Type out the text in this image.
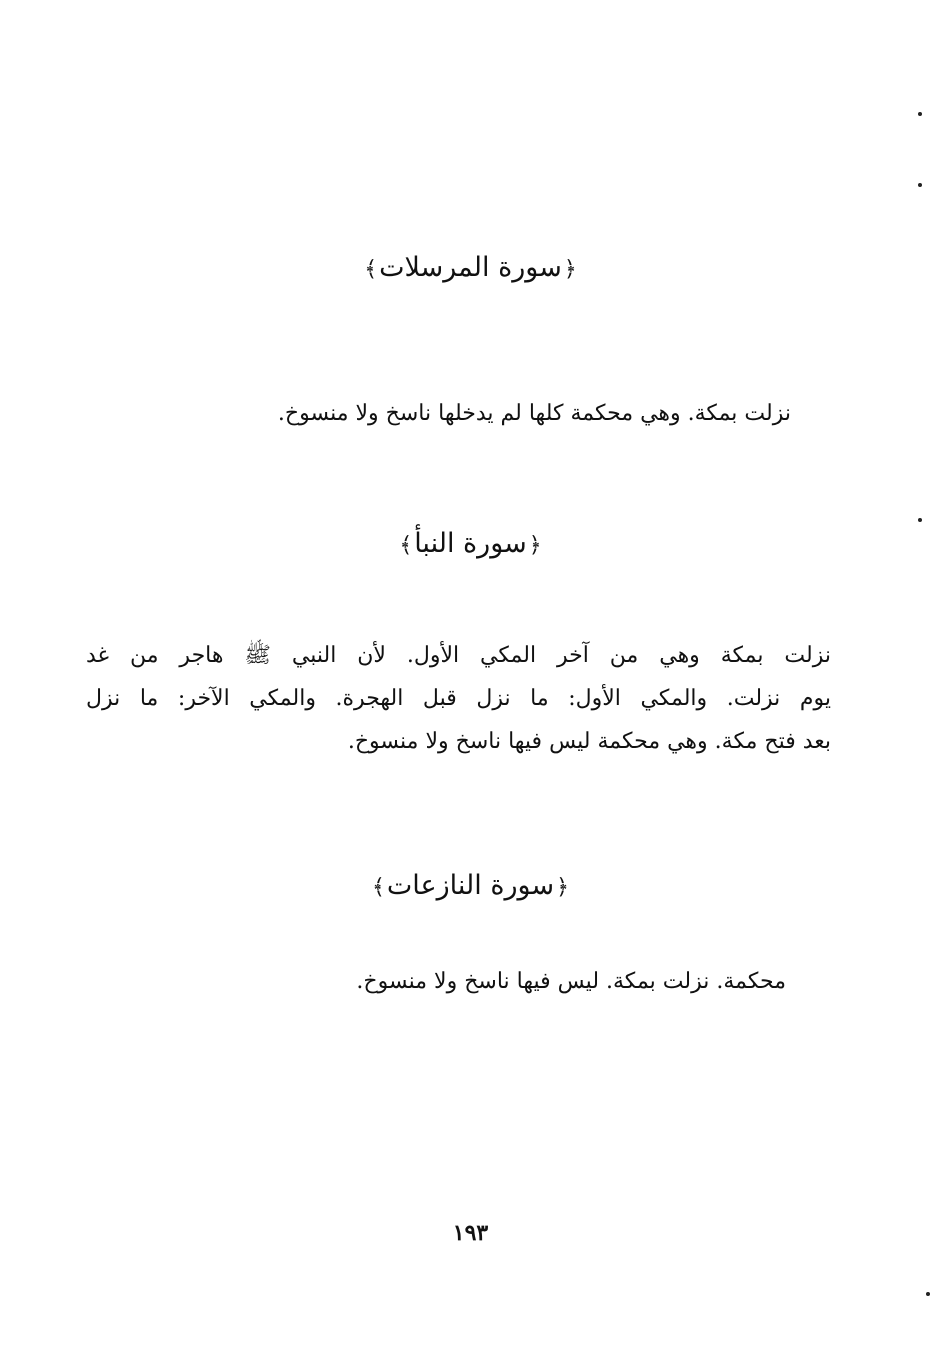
﴿سورة المرسلات﴾
نزلت بمكة. وهي محكمة كلها لم يدخلها ناسخ ولا منسوخ.
﴿سورة النبأ﴾
نزلت بمكة وهي من آخر المكي الأول. لأن النبي ﷺ هاجر من غد
يوم نزلت. والمكي الأول: ما نزل قبل الهجرة. والمكي الآخر: ما نزل
بعد فتح مكة. وهي محكمة ليس فيها ناسخ ولا منسوخ.
﴿سورة النازعات﴾
محكمة. نزلت بمكة. ليس فيها ناسخ ولا منسوخ.
١٩٣
